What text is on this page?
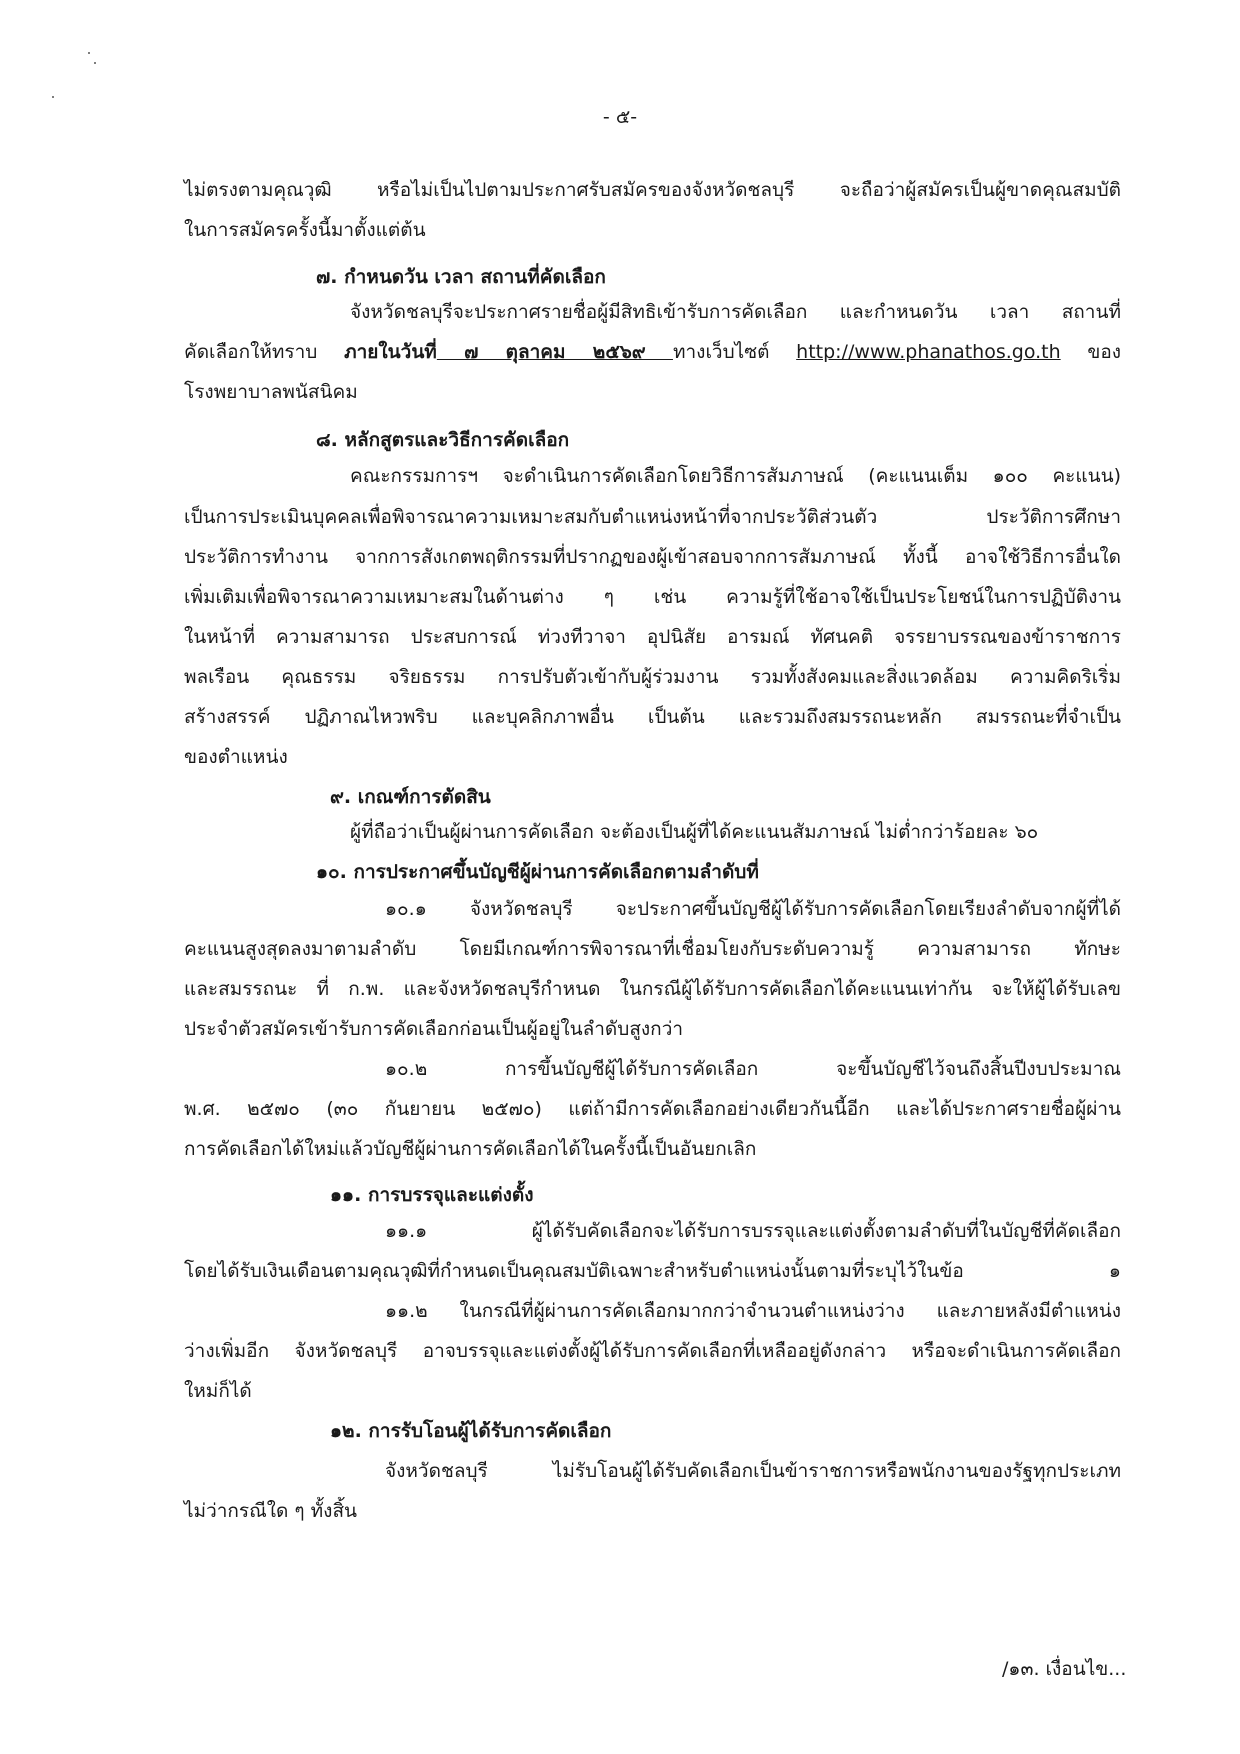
- ๕-
ไม่ตรงตามคุณวุฒิ หรือไม่เป็นไปตามประกาศรับสมัครของจังหวัดชลบุรี จะถือว่าผู้สมัครเป็นผู้ขาดคุณสมบัติ
ในการสมัครครั้งนี้มาตั้งแต่ต้น
๗. กำหนดวัน เวลา สถานที่คัดเลือก
จังหวัดชลบุรีจะประกาศรายชื่อผู้มีสิทธิเข้ารับการคัดเลือก และกำหนดวัน เวลา สถานที่
คัดเลือกให้ทราบ ภายในวันที่ ๗ ตุลาคม ๒๕๖๙ ทางเว็บไซต์ http://www.phanathos.go.th ของ
โรงพยาบาลพนัสนิคม
๘. หลักสูตรและวิธีการคัดเลือก
คณะกรรมการฯ จะดำเนินการคัดเลือกโดยวิธีการสัมภาษณ์ (คะแนนเต็ม ๑๐๐ คะแนน)
เป็นการประเมินบุคคลเพื่อพิจารณาความเหมาะสมกับตำแหน่งหน้าที่จากประวัติส่วนตัว ประวัติการศึกษา
ประวัติการทำงาน จากการสังเกตพฤติกรรมที่ปรากฏของผู้เข้าสอบจากการสัมภาษณ์ ทั้งนี้ อาจใช้วิธีการอื่นใด
เพิ่มเติมเพื่อพิจารณาความเหมาะสมในด้านต่าง ๆ เช่น ความรู้ที่ใช้อาจใช้เป็นประโยชน์ในการปฏิบัติงาน
ในหน้าที่ ความสามารถ ประสบการณ์ ท่วงทีวาจา อุปนิสัย อารมณ์ ทัศนคติ จรรยาบรรณของข้าราชการ
พลเรือน คุณธรรม จริยธรรม การปรับตัวเข้ากับผู้ร่วมงาน รวมทั้งสังคมและสิ่งแวดล้อม ความคิดริเริ่ม
สร้างสรรค์ ปฏิภาณไหวพริบ และบุคลิกภาพอื่น เป็นต้น และรวมถึงสมรรถนะหลัก สมรรถนะที่จำเป็น
ของตำแหน่ง
๙. เกณฑ์การตัดสิน
ผู้ที่ถือว่าเป็นผู้ผ่านการคัดเลือก จะต้องเป็นผู้ที่ได้คะแนนสัมภาษณ์ ไม่ต่ำกว่าร้อยละ ๖๐
๑๐. การประกาศขึ้นบัญชีผู้ผ่านการคัดเลือกตามลำดับที่
๑๐.๑ จังหวัดชลบุรี จะประกาศขึ้นบัญชีผู้ได้รับการคัดเลือกโดยเรียงลำดับจากผู้ที่ได้
คะแนนสูงสุดลงมาตามลำดับ โดยมีเกณฑ์การพิจารณาที่เชื่อมโยงกับระดับความรู้ ความสามารถ ทักษะ
และสมรรถนะ ที่ ก.พ. และจังหวัดชลบุรีกำหนด ในกรณีผู้ได้รับการคัดเลือกได้คะแนนเท่ากัน จะให้ผู้ได้รับเลข
ประจำตัวสมัครเข้ารับการคัดเลือกก่อนเป็นผู้อยู่ในลำดับสูงกว่า
๑๐.๒ การขึ้นบัญชีผู้ได้รับการคัดเลือก จะขึ้นบัญชีไว้จนถึงสิ้นปีงบประมาณ
พ.ศ. ๒๕๗๐ (๓๐ กันยายน ๒๕๗๐) แต่ถ้ามีการคัดเลือกอย่างเดียวกันนี้อีก และได้ประกาศรายชื่อผู้ผ่าน
การคัดเลือกได้ใหม่แล้วบัญชีผู้ผ่านการคัดเลือกได้ในครั้งนี้เป็นอันยกเลิก
๑๑. การบรรจุและแต่งตั้ง
๑๑.๑ ผู้ได้รับคัดเลือกจะได้รับการบรรจุและแต่งตั้งตามลำดับที่ในบัญชีที่คัดเลือก
โดยได้รับเงินเดือนตามคุณวุฒิที่กำหนดเป็นคุณสมบัติเฉพาะสำหรับตำแหน่งนั้นตามที่ระบุไว้ในข้อ ๑
๑๑.๒ ในกรณีที่ผู้ผ่านการคัดเลือกมากกว่าจำนวนตำแหน่งว่าง และภายหลังมีตำแหน่ง
ว่างเพิ่มอีก จังหวัดชลบุรี อาจบรรจุและแต่งตั้งผู้ได้รับการคัดเลือกที่เหลืออยู่ดังกล่าว หรือจะดำเนินการคัดเลือก
ใหม่ก็ได้
๑๒. การรับโอนผู้ได้รับการคัดเลือก
จังหวัดชลบุรี ไม่รับโอนผู้ได้รับคัดเลือกเป็นข้าราชการหรือพนักงานของรัฐทุกประเภท
ไม่ว่ากรณีใด ๆ ทั้งสิ้น
/๑๓. เงื่อนไข...
